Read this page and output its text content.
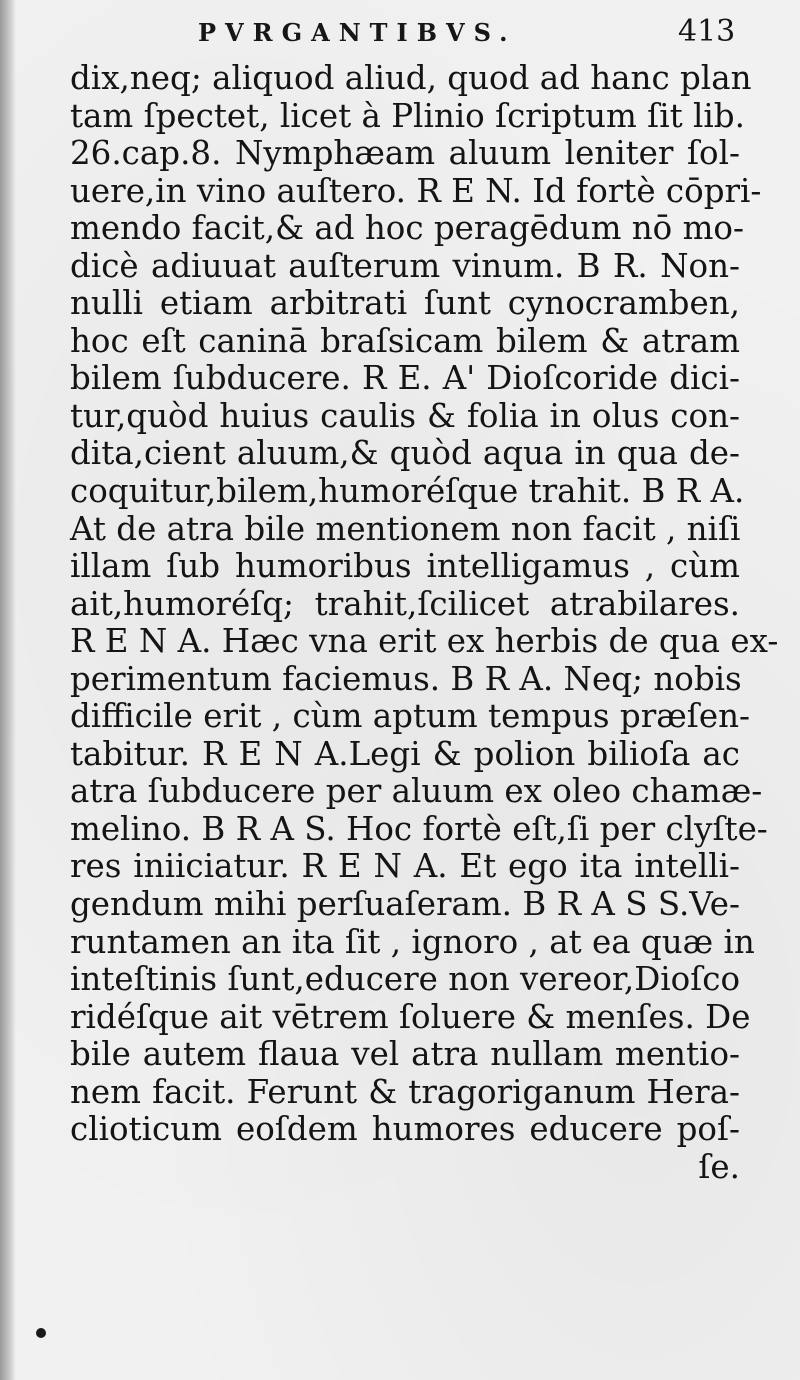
PVRGANTIBVS.	413
dix,neq; aliquod aliud, quod ad hanc plan
tam ſpectet, licet à Plinio ſcriptum ſit lib.
26.cap.8. Nymphæam aluum leniter ſol-
uere,in vino auſtero. R E N. Id fortè cōpri-
mendo facit,& ad hoc peragēdum nō mo-
dicè adiuuat auſterum vinum. B R. Non-
nulli etiam arbitrati ſunt cynocramben,
hoc eſt caninā braſsicam bilem & atram
bilem ſubducere. R E. A' Dioſcoride dici-
tur,quòd huius caulis & folia in olus con-
dita,cient aluum,& quòd aqua in qua de-
coquitur,bilem,humoréſque trahit. B R A.
At de atra bile mentionem non facit , niſi
illam ſub humoribus intelligamus , cùm
ait,humoréſq; trahit,ſcilicet atrabilares.
R E N A. Hæc vna erit ex herbis de qua ex-
perimentum faciemus. B R A. Neq; nobis
difficile erit , cùm aptum tempus præſen-
tabitur. R E N A.Legi & polion bilioſa ac
atra ſubducere per aluum ex oleo chamæ-
melino. B R A S. Hoc fortè eſt,ſi per clyſte-
res iniiciatur. R E N A. Et ego ita intelli-
gendum mihi perſuaſeram. B R A S S.Ve-
runtamen an ita ſit , ignoro , at ea quæ in
inteſtinis ſunt,educere non vereor,Dioſco
ridéſque ait vētrem ſoluere & menſes. De
bile autem flaua vel atra nullam mentio-
nem facit. Ferunt & tragoriganum Hera-
clioticum eoſdem humores educere poſ-
ſe.
